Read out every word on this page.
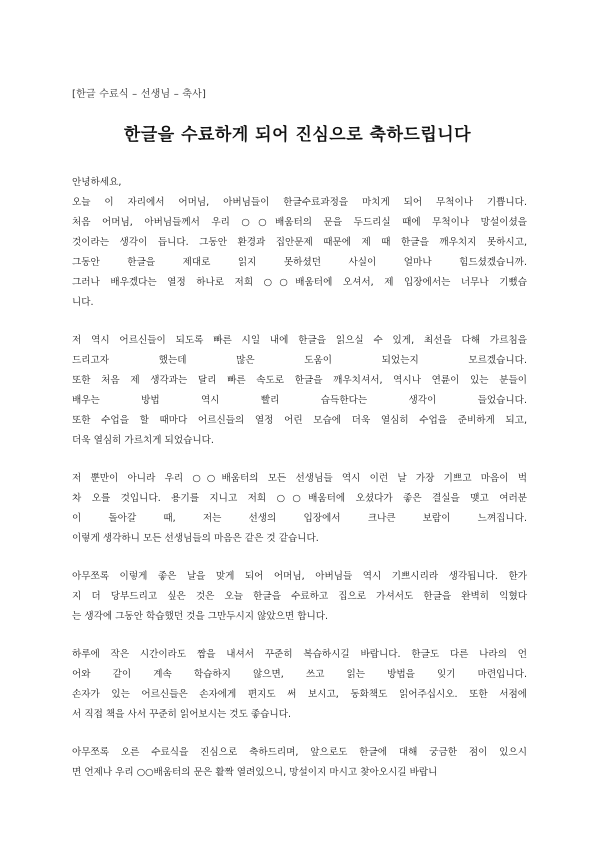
[한글 수료식 – 선생님 – 축사]
한글을 수료하게 되어 진심으로 축하드립니다
안녕하세요,
오늘 이 자리에서 어머님, 아버님들이 한글수료과정을 마치게 되어 무척이나 기쁩니다.
처음 어머님, 아버님들께서 우리 ○○배움터의 문을 두드리실 때에 무척이나 망설이셨을
것이라는 생각이 듭니다. 그동안 환경과 집안문제 때문에 제 때 한글을 깨우치지 못하시고,
그동안 한글을 제대로 읽지 못하셨던 사실이 얼마나 힘드셨겠습니까.
그러나 배우겠다는 열정 하나로 저희 ○○배움터에 오셔서, 제 입장에서는 너무나 기뻤습
니다.
저 역시 어르신들이 되도록 빠른 시일 내에 한글을 읽으실 수 있게, 최선을 다해 가르침을
드리고자 했는데 많은 도움이 되었는지 모르겠습니다.
또한 처음 제 생각과는 달리 빠른 속도로 한글을 깨우치셔서, 역시나 연륜이 있는 분들이
배우는 방법 역시 빨리 습득한다는 생각이 들었습니다.
또한 수업을 할 때마다 어르신들의 열정 어린 모습에 더욱 열심히 수업을 준비하게 되고,
더욱 열심히 가르치게 되었습니다.
저 뿐만이 아니라 우리 ○○배움터의 모든 선생님들 역시 이런 날 가장 기쁘고 마음이 벅
차 오를 것입니다. 용기를 지니고 저희 ○○배움터에 오셨다가 좋은 결실을 맺고 여러분
이 돌아갈 때, 저는 선생의 입장에서 크나큰 보람이 느껴집니다.
이렇게 생각하니 모든 선생님들의 마음은 같은 것 같습니다.
아무쪼록 이렇게 좋은 날을 맞게 되어 어머님, 아버님들 역시 기쁘시리라 생각됩니다. 한가
지 더 당부드리고 싶은 것은 오늘 한글을 수료하고 집으로 가셔서도 한글을 완벽히 익혔다
는 생각에 그동안 학습했던 것을 그만두시지 않았으면 합니다.
하루에 작은 시간이라도 짬을 내셔서 꾸준히 복습하시길 바랍니다. 한글도 다른 나라의 언
어와 같이 계속 학습하지 않으면, 쓰고 읽는 방법을 잊기 마련입니다.
손자가 있는 어르신들은 손자에게 편지도 써 보시고, 동화책도 읽어주십시오. 또한 서점에
서 직접 책을 사서 꾸준히 읽어보시는 것도 좋습니다.
아무쪼록 오른 수료식을 진심으로 축하드리며, 앞으로도 한글에 대해 궁금한 점이 있으시
면 언제나 우리 ○○배움터의 문은 활짝 열려있으니, 망설이지 마시고 찾아오시길 바랍니
